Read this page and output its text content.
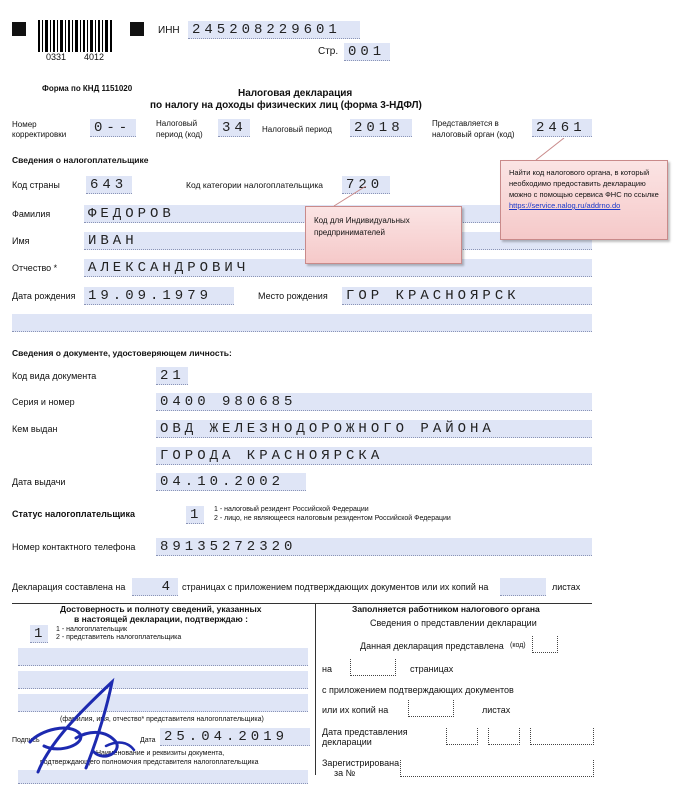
0331 4012
ИНН 245208229601
Стр. 001
Форма по КНД 1151020	Налоговая декларация
по налогу на доходы физических лиц (форма 3-НДФЛ)
Номер
корректировки 0--	Налоговый
период (код) 34	Налоговый период 2018	Представляется в
налоговый орган (код) 2461
Сведения о налогоплательщике
Код страны 643	Код категории налогоплательщика 720
Фамилия	ФЕДОРОВ
Имя	ИВАН
Отчество * АЛЕКСАНДРОВИЧ
Дата рождения 19.09.1979	Место рождения ГОР КРАСНОЯРСК
Код для Индивидуальных предпринимателей
Найти код налогового органа, в который необходимо предоставить декларацию можно с помощью сервиса ФНС по ссылке https://service.nalog.ru/addrno.do
Сведения о документе, удостоверяющем личность:
Код вида документа	21
Серия и номер	0400 980685
Кем выдан	ОВД ЖЕЛЕЗНОДОРОЖНОГО РАЙОНА
ГОРОДА КРАСНОЯРСКА
Дата выдачи	04.10.2002
Статус налогоплательщика	1 1 - налоговый резидент Российской Федерации
2 - лицо, не являющееся налоговым резидентом Российской Федерации
Номер контактного телефона 89135272320
Декларация составлена на	4 страницах с приложением подтверждающих документов или их копий на	листах
Достоверность и полноту сведений, указанных
в настоящей декларации, подтверждаю :
1 1 - налогоплательщик
2 - представитель налогоплательщика
(фамилия, имя, отчество* представителя налогоплательщика)
Подпись	Дата 25.04.2019
Наименование и реквизиты документа,
подтверждающего полномочия представителя налогоплательщика
Заполняется работником налогового органа
Сведения о представлении декларации
Данная декларация представлена (код)
на	страницах
с приложением подтверждающих документов
или их копий на	листах
Дата представления
декларации
Зарегистрирована
за №
